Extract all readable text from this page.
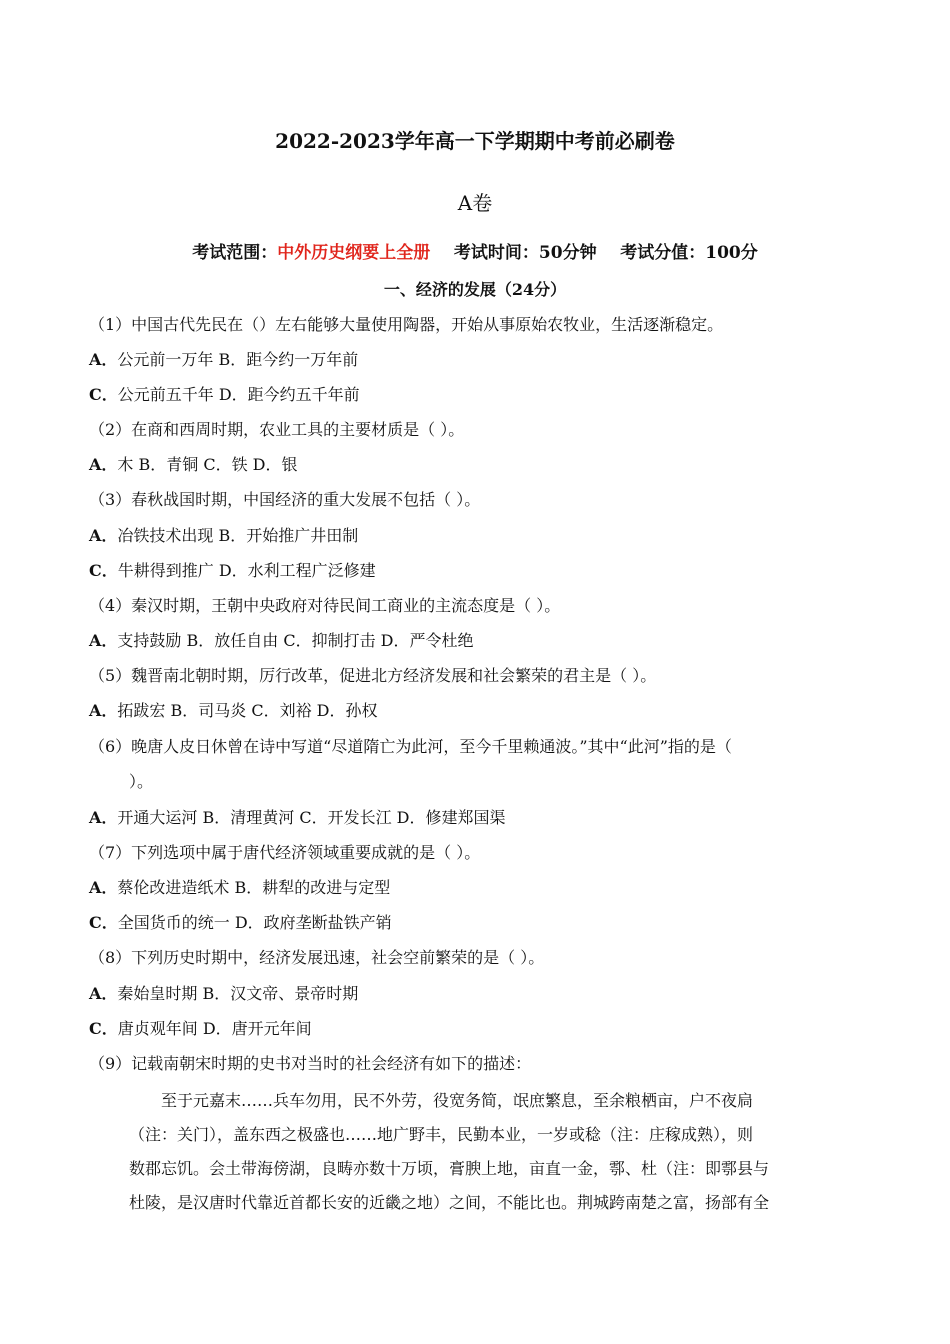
2022-2023学年高一下学期期中考前必刷卷
A卷
考试范围：中外历史纲要上全册 考试时间：50分钟 考试分值：100分
一、经济的发展（24分）
（1）中国古代先民在（）左右能够大量使用陶器，开始从事原始农牧业，生活逐渐稳定。
A．公元前一万年 B．距今约一万年前
C．公元前五千年 D．距今约五千年前
（2）在商和西周时期，农业工具的主要材质是（ ）。
A．木 B．青铜 C．铁 D．银
（3）春秋战国时期，中国经济的重大发展不包括（ ）。
A．冶铁技术出现 B．开始推广井田制
C．牛耕得到推广 D．水利工程广泛修建
（4）秦汉时期，王朝中央政府对待民间工商业的主流态度是（ ）。
A．支持鼓励 B．放任自由 C．抑制打击 D．严令杜绝
（5）魏晋南北朝时期，厉行改革，促进北方经济发展和社会繁荣的君主是（ ）。
A．拓跋宏 B．司马炎 C．刘裕 D．孙权
（6）晚唐人皮日休曾在诗中写道“尽道隋亡为此河，至今千里赖通波。”其中“此河”指的是（
）。
A．开通大运河 B．清理黄河 C．开发长江 D．修建郑国渠
（7）下列选项中属于唐代经济领域重要成就的是（ ）。
A．蔡伦改进造纸术 B．耕犁的改进与定型
C．全国货币的统一 D．政府垄断盐铁产销
（8）下列历史时期中，经济发展迅速，社会空前繁荣的是（ ）。
A．秦始皇时期 B．汉文帝、景帝时期
C．唐贞观年间 D．唐开元年间
（9）记载南朝宋时期的史书对当时的社会经济有如下的描述：

至于元嘉末……兵车勿用，民不外劳，役宽务简，氓庶繁息，至余粮栖亩，户不夜扃

（注：关门），盖东西之极盛也……地广野丰，民勤本业，一岁或稔（注：庄稼成熟），则

数郡忘饥。会土带海傍湖，良畴亦数十万顷，膏腴上地，亩直一金，鄠、杜（注：即鄠县与

杜陵，是汉唐时代靠近首都长安的近畿之地）之间，不能比也。荆城跨南楚之富，扬部有全
